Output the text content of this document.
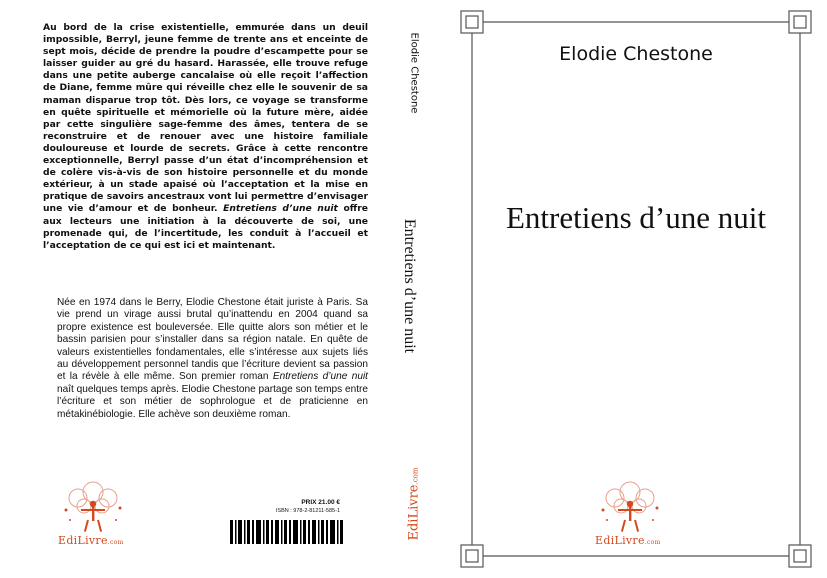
Au bord de la crise existentielle, emmurée dans un deuil impossible, Berryl, jeune femme de trente ans et enceinte de sept mois, décide de prendre la poudre d’escampette pour se laisser guider au gré du hasard. Harassée, elle trouve refuge dans une petite auberge cancalaise où elle reçoit l’affection de Diane, femme mûre qui réveille chez elle le souvenir de sa maman disparue trop tôt. Dès lors, ce voyage se transforme en quête spirituelle et mémorielle où la future mère, aidée par cette singulière sage-femme des âmes, tentera de se reconstruire et de renouer avec une histoire familiale douloureuse et lourde de secrets. Grâce à cette rencontre exceptionnelle, Berryl passe d’un état d’incompréhension et de colère vis-à-vis de son histoire personnelle et du monde extérieur, à un stade apaisé où l’acceptation et la mise en pratique de savoirs ancestraux vont lui permettre d’envisager une vie d’amour et de bonheur. Entretiens d’une nuit offre aux lecteurs une initiation à la découverte de soi, une promenade qui, de l’incertitude, les conduit à l’accueil et l’acceptation de ce qui est ici et maintenant.
Née en 1974 dans le Berry, Elodie Chestone était juriste à Paris. Sa vie prend un virage aussi brutal qu’inattendu en 2004 quand sa propre existence est bouleversée. Elle quitte alors son métier et le bassin parisien pour s’installer dans sa région natale. En quête de valeurs existentielles fondamentales, elle s’intéresse aux sujets liés au développement personnel tandis que l’écriture devient sa passion et la révèle à elle même. Son premier roman Entretiens d’une nuit naît quelques temps après. Elodie Chestone partage son temps entre l’écriture et son métier de sophrologue et de praticienne en métakinébiologie. Elle achève son deuxième roman.
EdiLivre.com
PRIX 21.00 €
ISBN : 978-2-81211-585-1
Elodie Chestone
Entretiens d’une nuit
EdiLivre.com
Elodie Chestone
Entretiens d’une nuit
EdiLivre.com
